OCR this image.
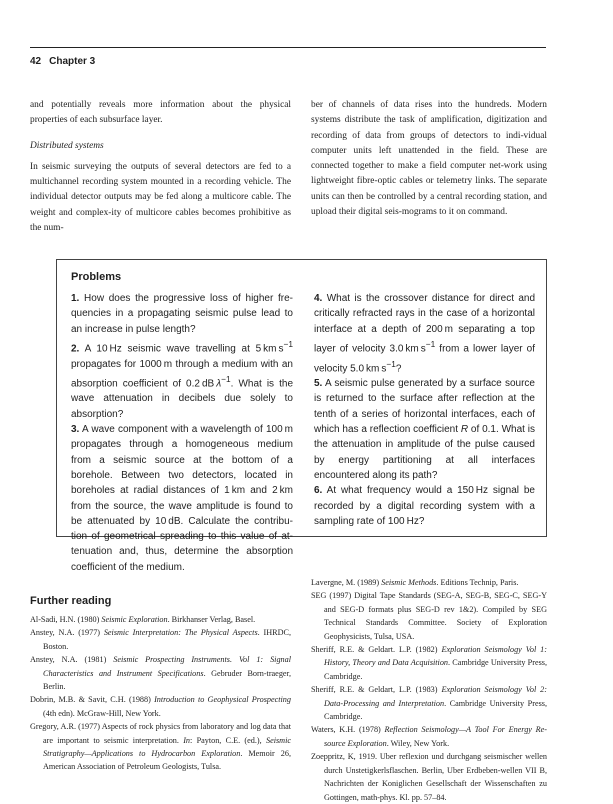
42 Chapter 3

and potentially reveals more information about the physical properties of each subsurface layer.

Distributed systems

In seismic surveying the outputs of several detectors are fed to a multichannel recording system mounted in a recording vehicle. The individual detector outputs may be fed along a multicore cable. The weight and complex-ity of multicore cables becomes prohibitive as the num-

ber of channels of data rises into the hundreds. Modern systems distribute the task of amplification, digitization and recording of data from groups of detectors to indi-vidual computer units left unattended in the field. These are connected together to make a field computer net-work using lightweight fibre-optic cables or telemetry links. The separate units can then be controlled by a central recording station, and upload their digital seis-mograms to it on command.

Problems

1. How does the progressive loss of higher fre-quencies in a propagating seismic pulse lead to an increase in pulse length?

2. A 10 Hz seismic wave travelling at 5 km $s^{-1}$ propagates for 1000 m through a medium with an absorption coefficient of 0.2 dB $\lambda^{-1}$. What is the wave attenuation in decibels due solely to absorption?

3. A wave component with a wavelength of 100 m propagates through a homogeneous medium from a seismic source at the bottom of a borehole. Between two detectors, located in boreholes at radial distances of 1 km and 2 km from the source, the wave amplitude is found to be attenuated by 10 dB. Calculate the contribu-tion of geometrical spreading to this value of at-tenuation and, thus, determine the absorption coefficient of the medium.

4. What is the crossover distance for direct and critically refracted rays in the case of a horizontal interface at a depth of 200 m separating a top layer of velocity 3.0 km $s^{-1}$ from a lower layer of velocity 5.0 km $s^{-1}$?

5. A seismic pulse generated by a surface source is returned to the surface after reflection at the tenth of a series of horizontal interfaces, each of which has a reflection coefficient R of 0.1. What is the attenuation in amplitude of the pulse caused by energy partitioning at all interfaces encountered along its path?

6. At what frequency would a 150 Hz signal be recorded by a digital recording system with a sampling rate of 100 Hz?

Further reading

Al-Sadi, H.N. (1980) Seismic Exploration. Birkhanser Verlag, Basel.

Anstey, N.A. (1977) Seismic Interpretation: The Physical Aspects. IHRDC, Boston.

Anstey, N.A. (1981) Seismic Prospecting Instruments. Vol 1: Signal Characteristics and Instrument Specifications. Gebruder Born-traeger, Berlin.

Dobrin, M.B. & Savit, C.H. (1988) Introduction to Geophysical Prospecting (4th edn). McGraw-Hill, New York.

Gregory, A.R. (1977) Aspects of rock physics from laboratory and log data that are important to seismic interpretation. In: Payton, C.E. (ed.), Seismic Stratigraphy—Applications to Hydrocarbon Exploration. Memoir 26, American Association of Petroleum Geologists, Tulsa.

Lavergne, M. (1989) Seismic Methods. Editions Technip, Paris.

SEG (1997) Digital Tape Standards (SEG-A, SEG-B, SEG-C, SEG-Y and SEG-D formats plus SEG-D rev 1&2). Compiled by SEG Technical Standards Committee. Society of Exploration Geophysicists, Tulsa, USA.

Sheriff, R.E. & Geldart. L.P. (1982) Exploration Seismology Vol 1: History, Theory and Data Acquisition. Cambridge University Press, Cambridge.

Sheriff, R.E. & Geldart, L.P. (1983) Exploration Seismology Vol 2: Data-Processing and Interpretation. Cambridge University Press, Cambridge.

Waters, K.H. (1978) Reflection Seismology—A Tool For Energy Re-source Exploration. Wiley, New York.

Zoeppritz, K, 1919. Uber reflexion und durchgang seismischer wellen durch Unstetigkerlsflaschen. Berlin, Uber Erdbeben-wellen VII B, Nachrichten der Koniglichen Gesellschaft der Wissenschaften zu Gottingen, math-phys. Kl. pp. 57–84.
